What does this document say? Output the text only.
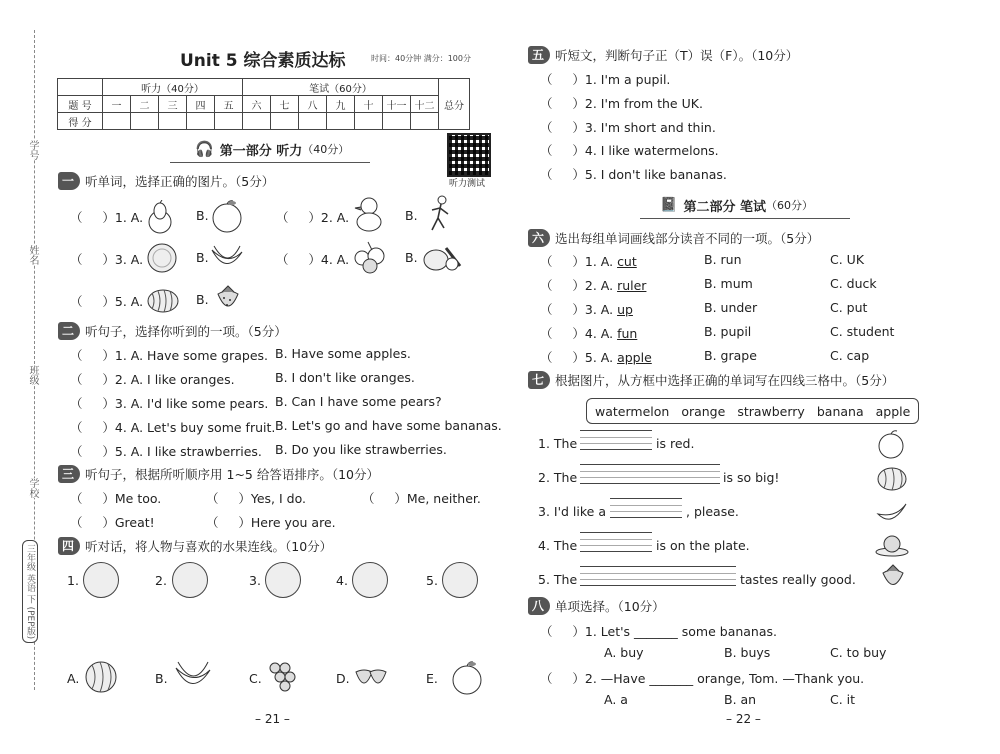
学号
姓名
班级
学校
三年级 英语 下 (PEP版)
Unit 5 综合素质达标	时间：40分钟 满分：100分
	听力（40分）					笔试（60分）							总分
题 号	一	二	三	四	五	六	七	八	九	十	十一	十二	
得 分													
🎧 第一部分 听力 （40分）
听力测试
一 听单词，选择正确的图片。（5分）
（     ）1. A.	B.	（     ）2. A.	B.
（     ）3. A.	B.	（     ）4. A.	B.
（     ）5. A.	B.
二 听句子，选择你听到的一项。（5分）
（     ）1. A. Have some grapes. B. Have some apples.
（     ）2. A. I like oranges.	B. I don't like oranges.
（     ）3. A. I'd like some pears. B. Can I have some pears?
（     ）4. A. Let's buy some fruit. B. Let's go and have some bananas.
（     ）5. A. I like strawberries. B. Do you like strawberries.
三 听句子，根据所听顺序用 1~5 给答语排序。（10分）
（     ）Me too.	（     ）Yes, I do.	（     ）Me, neither.
（     ）Great!	（     ）Here you are.
四 听对话，将人物与喜欢的水果连线。（10分）
1.	2.	3.	4.	5.
A.	B.	C.	D.	E.
– 21 –
五 听短文，判断句子正（T）误（F）。（10分）
（     ）1. I'm a pupil.
（     ）2. I'm from the UK.
（     ）3. I'm short and thin.
（     ）4. I like watermelons.
（     ）5. I don't like bananas.
📓 第二部分 笔试 （60分）
六 选出每组单词画线部分读音不同的一项。（5分）
（     ）1. A. cut	B. run	C. UK
（     ）2. A. ruler	B. mum	C. duck
（     ）3. A. up	B. under	C. put
（     ）4. A. fun	B. pupil	C. student
（     ）5. A. apple	B. grape	C. cap
七 根据图片，从方框中选择正确的单词写在四线三格中。（5分）
watermelon orange strawberry banana apple
1. The	is red.
2. The	is so big!
3. I'd like a	, please.
4. The	is on the plate.
5. The	tastes really good.
八 单项选择。（10分）
（     ）1. Let's _______ some bananas.
A. buy	B. buys	C. to buy
（     ）2. —Have _______ orange, Tom. —Thank you.
A. a	B. an	C. it
– 22 –
